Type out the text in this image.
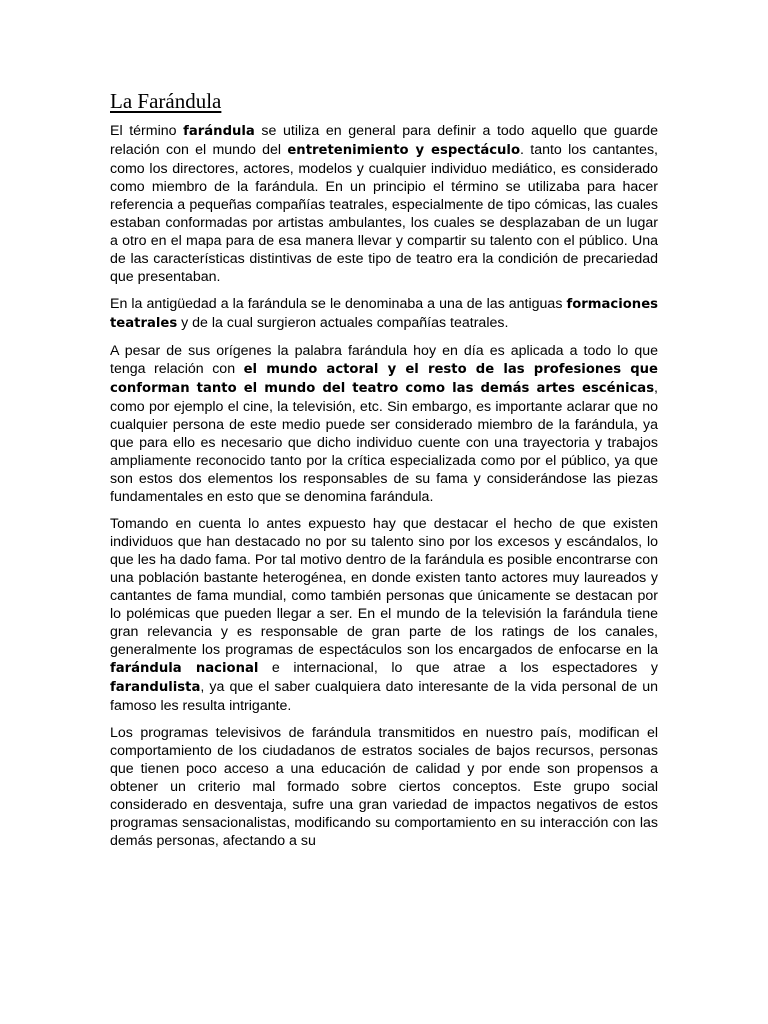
La Farándula

El término farándula se utiliza en general para definir a todo aquello que guarde relación con el mundo del entretenimiento y espectáculo. tanto los cantantes, como los directores, actores, modelos y cualquier individuo mediático, es considerado como miembro de la farándula. En un principio el término se utilizaba para hacer referencia a pequeñas compañías teatrales, especialmente de tipo cómicas, las cuales estaban conformadas por artistas ambulantes, los cuales se desplazaban de un lugar a otro en el mapa para de esa manera llevar y compartir su talento con el público. Una de las características distintivas de este tipo de teatro era la condición de precariedad que presentaban.

En la antigüedad a la farándula se le denominaba a una de las antiguas formaciones teatrales y de la cual surgieron actuales compañías teatrales.

A pesar de sus orígenes la palabra farándula hoy en día es aplicada a todo lo que tenga relación con el mundo actoral y el resto de las profesiones que conforman tanto el mundo del teatro como las demás artes escénicas, como por ejemplo el cine, la televisión, etc. Sin embargo, es importante aclarar que no cualquier persona de este medio puede ser considerado miembro de la farándula, ya que para ello es necesario que dicho individuo cuente con una trayectoria y trabajos ampliamente reconocido tanto por la crítica especializada como por el público, ya que son estos dos elementos los responsables de su fama y considerándose las piezas fundamentales en esto que se denomina farándula.

Tomando en cuenta lo antes expuesto hay que destacar el hecho de que existen individuos que han destacado no por su talento sino por los excesos y escándalos, lo que les ha dado fama. Por tal motivo dentro de la farándula es posible encontrarse con una población bastante heterogénea, en donde existen tanto actores muy laureados y cantantes de fama mundial, como también personas que únicamente se destacan por lo polémicas que pueden llegar a ser. En el mundo de la televisión la farándula tiene gran relevancia y es responsable de gran parte de los ratings de los canales, generalmente los programas de espectáculos son los encargados de enfocarse en la farándula nacional e internacional, lo que atrae a los espectadores y farandulista, ya que el saber cualquiera dato interesante de la vida personal de un famoso les resulta intrigante.

Los programas televisivos de farándula transmitidos en nuestro país, modifican el comportamiento de los ciudadanos de estratos sociales de bajos recursos, personas que tienen poco acceso a una educación de calidad y por ende son propensos a obtener un criterio mal formado sobre ciertos conceptos. Este grupo social considerado en desventaja, sufre una gran variedad de impactos negativos de estos programas sensacionalistas, modificando su comportamiento en su interacción con las demás personas, afectando a su
